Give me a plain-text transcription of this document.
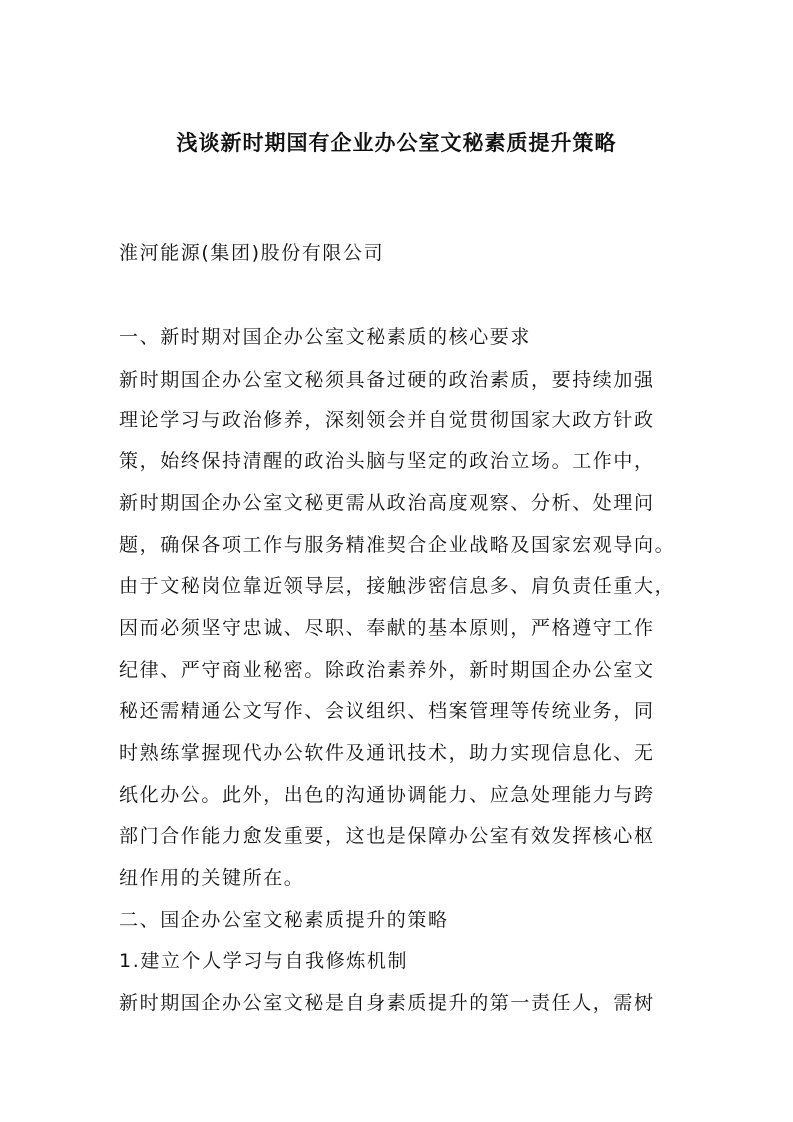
浅谈新时期国有企业办公室文秘素质提升策略
淮河能源(集团)股份有限公司
一、新时期对国企办公室文秘素质的核心要求
新时期国企办公室文秘须具备过硬的政治素质，要持续加强
理论学习与政治修养，深刻领会并自觉贯彻国家大政方针政
策，始终保持清醒的政治头脑与坚定的政治立场。工作中，
新时期国企办公室文秘更需从政治高度观察、分析、处理问
题，确保各项工作与服务精准契合企业战略及国家宏观导向。
由于文秘岗位靠近领导层，接触涉密信息多、肩负责任重大，
因而必须坚守忠诚、尽职、奉献的基本原则，严格遵守工作
纪律、严守商业秘密。除政治素养外，新时期国企办公室文
秘还需精通公文写作、会议组织、档案管理等传统业务，同
时熟练掌握现代办公软件及通讯技术，助力实现信息化、无
纸化办公。此外，出色的沟通协调能力、应急处理能力与跨
部门合作能力愈发重要，这也是保障办公室有效发挥核心枢
纽作用的关键所在。
二、国企办公室文秘素质提升的策略
1.建立个人学习与自我修炼机制
新时期国企办公室文秘是自身素质提升的第一责任人，需树
